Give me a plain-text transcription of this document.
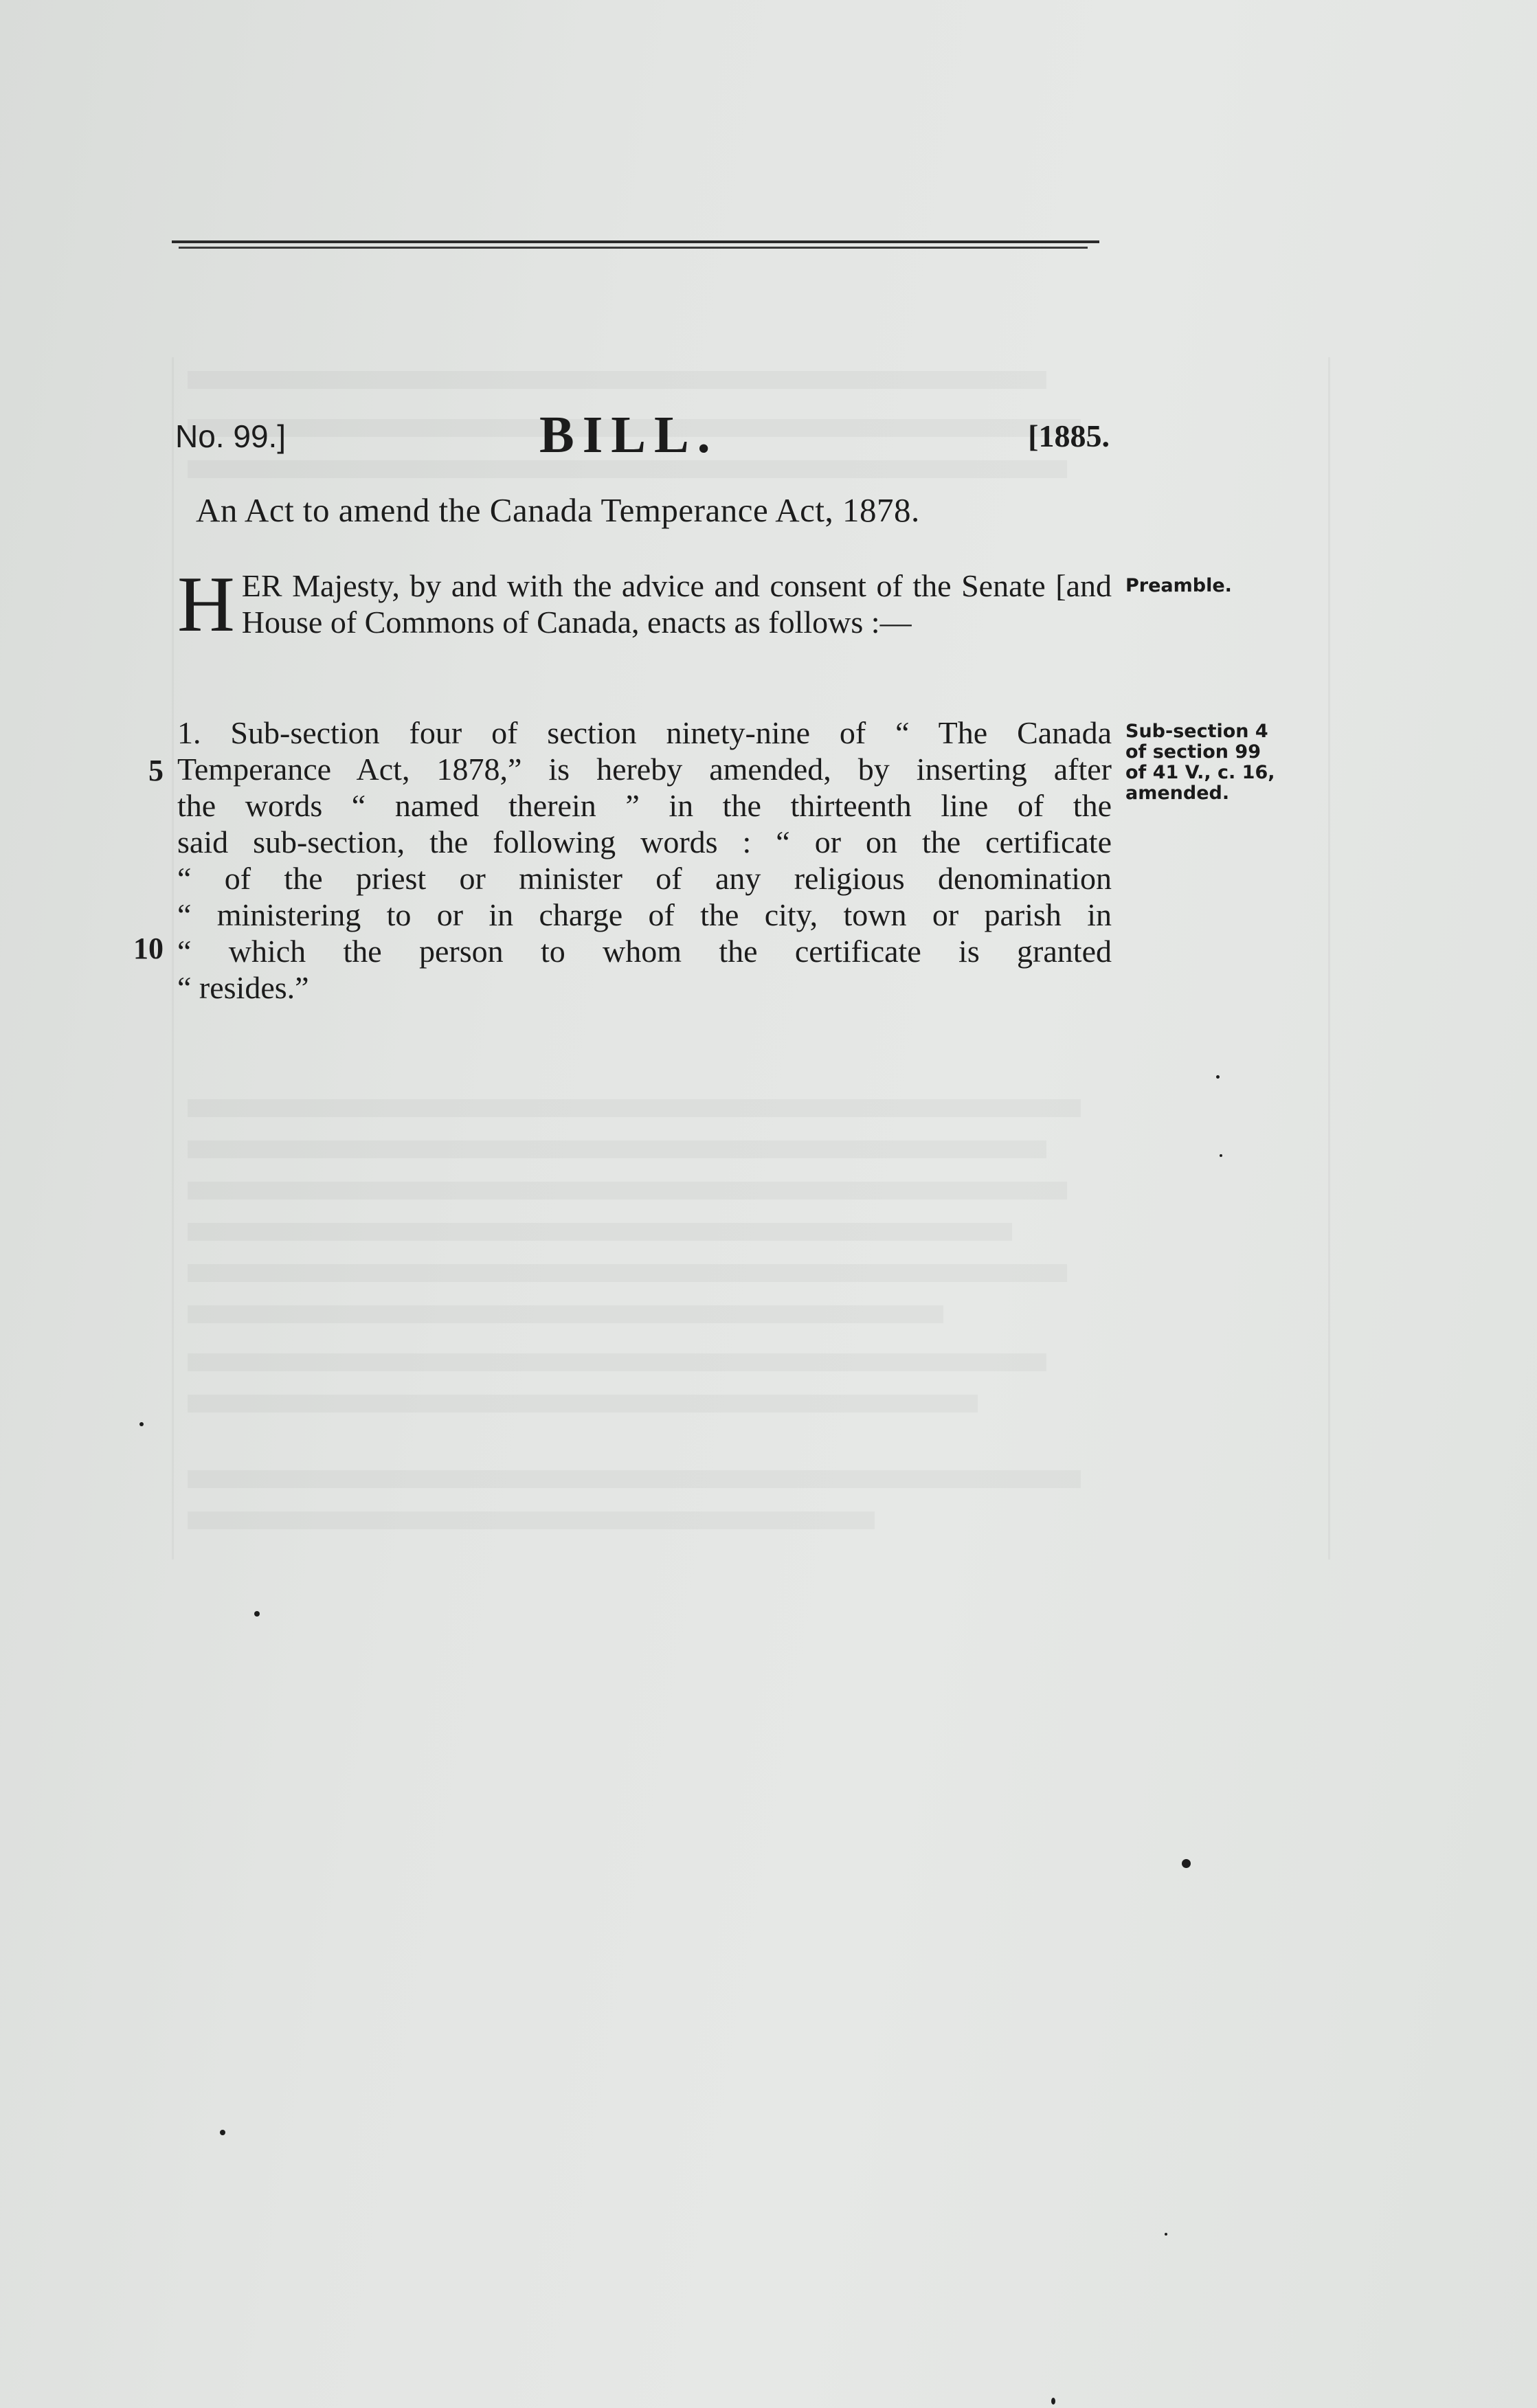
No. 99.]	BILL.	[1885.
An Act to amend the Canada Temperance Act, 1878.
HER Majesty, by and with the advice and consent of the Senate [and House of Commons of Canada, enacts as follows :—
Preamble.
1. Sub-section four of section ninety-nine of “ The Canada
Temperance Act, 1878,” is hereby amended, by inserting after
the words “ named therein ” in the thirteenth line of the
said sub-section, the following words : “ or on the certificate
“ of the priest or minister of any religious denomination
“ ministering to or in charge of the city, town or parish in
“ which the person to whom the certificate is granted
“ resides.”
5
10
Sub-section 4
of section 99
of 41 V., c. 16,
amended.
